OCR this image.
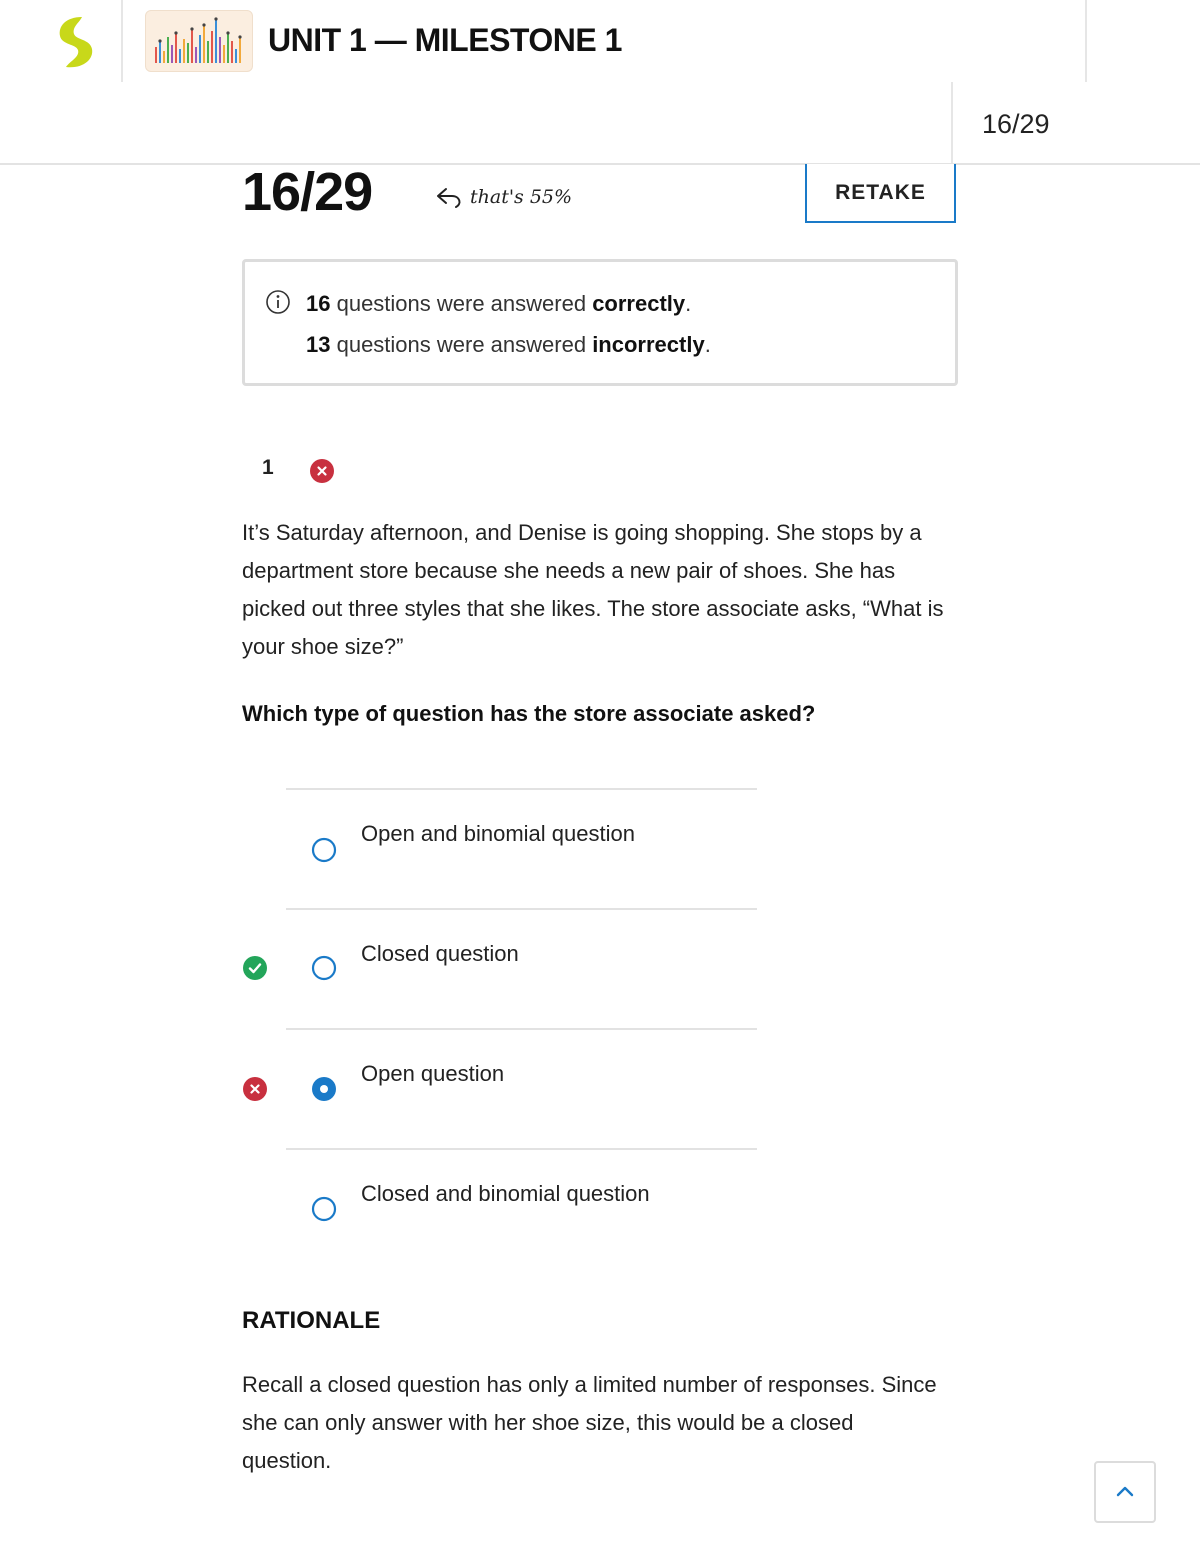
UNIT 1 — MILESTONE 1
16/29
16/29	that's 55%	RETAKE
16 questions were answered correctly.
13 questions were answered incorrectly.
1
It’s Saturday afternoon, and Denise is going shopping. She stops by a department store because she needs a new pair of shoes. She has picked out three styles that she likes. The store associate asks, “What is your shoe size?”
Which type of question has the store associate asked?
Open and binomial question
Closed question
Open question
Closed and binomial question
RATIONALE
Recall a closed question has only a limited number of responses. Since she can only answer with her shoe size, this would be a closed question.
